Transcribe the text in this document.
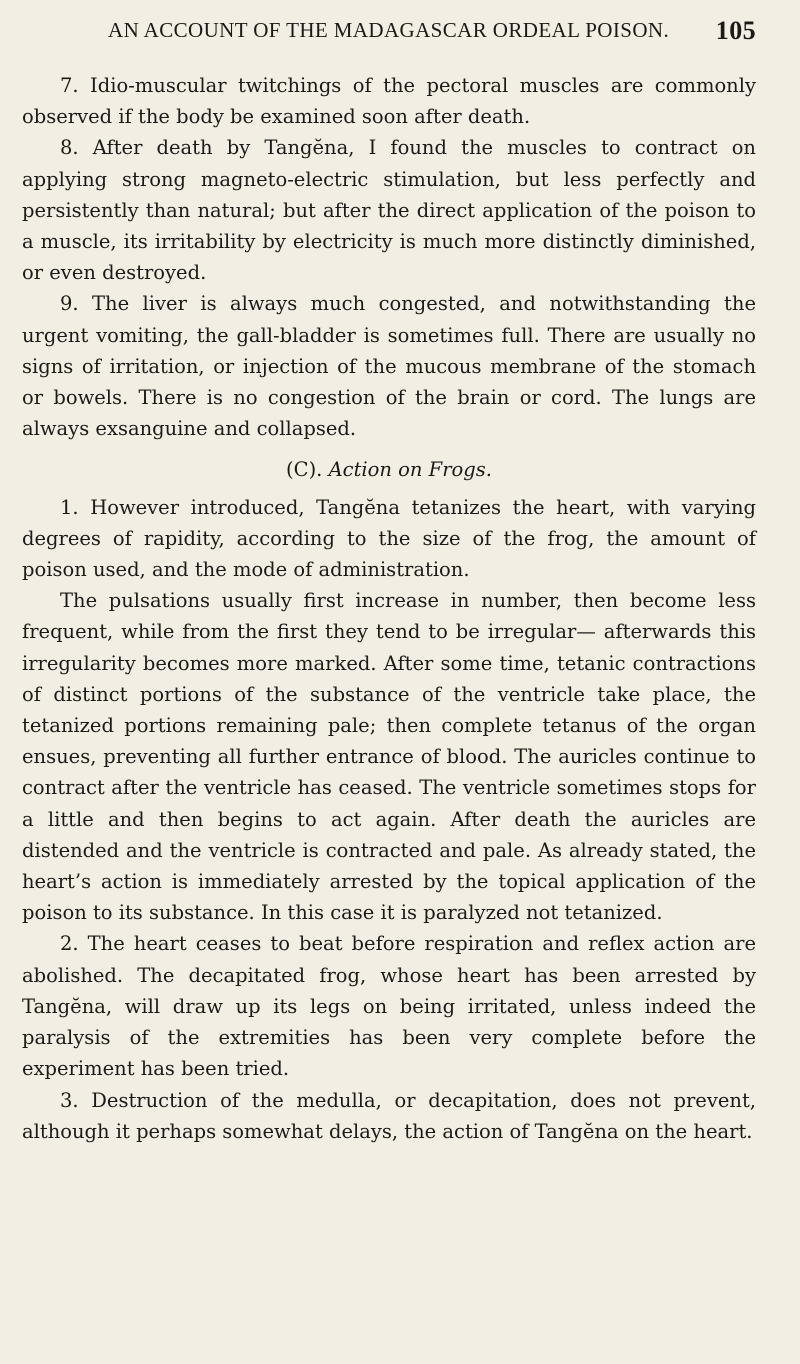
AN ACCOUNT OF THE MADAGASCAR ORDEAL POISON. 105

7. Idio-muscular twitchings of the pectoral muscles are commonly observed if the body be examined soon after death.

8. After death by Tangĕna, I found the muscles to contract on applying strong magneto-electric stimulation, but less perfectly and persistently than natural; but after the direct application of the poison to a muscle, its irritability by electricity is much more distinctly diminished, or even destroyed.

9. The liver is always much congested, and notwithstanding the urgent vomiting, the gall-bladder is sometimes full. There are usually no signs of irritation, or injection of the mucous membrane of the stomach or bowels. There is no congestion of the brain or cord. The lungs are always exsanguine and collapsed.

(C). Action on Frogs.

1. However introduced, Tangĕna tetanizes the heart, with varying degrees of rapidity, according to the size of the frog, the amount of poison used, and the mode of administration.

The pulsations usually first increase in number, then become less frequent, while from the first they tend to be irregular— afterwards this irregularity becomes more marked. After some time, tetanic contractions of distinct portions of the substance of the ventricle take place, the tetanized portions remaining pale; then complete tetanus of the organ ensues, preventing all further entrance of blood. The auricles continue to contract after the ventricle has ceased. The ventricle sometimes stops for a little and then begins to act again. After death the auricles are distended and the ventricle is contracted and pale. As already stated, the heart’s action is immediately arrested by the topical application of the poison to its substance. In this case it is paralyzed not tetanized.

2. The heart ceases to beat before respiration and reflex action are abolished. The decapitated frog, whose heart has been arrested by Tangĕna, will draw up its legs on being irritated, unless indeed the paralysis of the extremities has been very complete before the experiment has been tried.

3. Destruction of the medulla, or decapitation, does not prevent, although it perhaps somewhat delays, the action of Tangĕna on the heart.
